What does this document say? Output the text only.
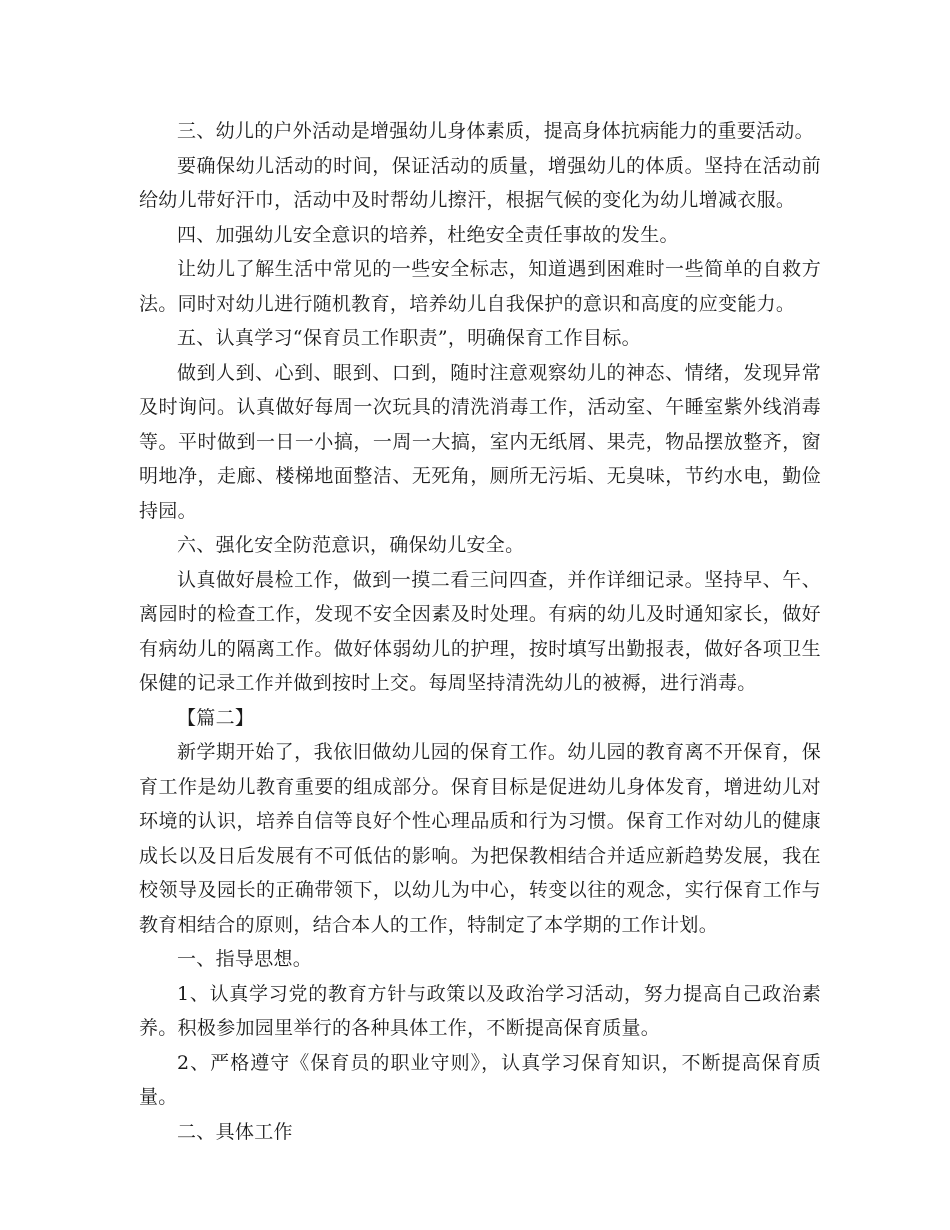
三、幼儿的户外活动是增强幼儿身体素质，提高身体抗病能力的重要活动。

要确保幼儿活动的时间，保证活动的质量，增强幼儿的体质。坚持在活动前给幼儿带好汗巾，活动中及时帮幼儿擦汗，根据气候的变化为幼儿增减衣服。

四、加强幼儿安全意识的培养，杜绝安全责任事故的发生。

让幼儿了解生活中常见的一些安全标志，知道遇到困难时一些简单的自救方法。同时对幼儿进行随机教育，培养幼儿自我保护的意识和高度的应变能力。

五、认真学习“保育员工作职责”，明确保育工作目标。

做到人到、心到、眼到、口到，随时注意观察幼儿的神态、情绪，发现异常及时询问。认真做好每周一次玩具的清洗消毒工作，活动室、午睡室紫外线消毒等。平时做到一日一小搞，一周一大搞，室内无纸屑、果壳，物品摆放整齐，窗明地净，走廊、楼梯地面整洁、无死角，厕所无污垢、无臭味，节约水电，勤俭持园。

六、强化安全防范意识，确保幼儿安全。

认真做好晨检工作，做到一摸二看三问四查，并作详细记录。坚持早、午、离园时的检查工作，发现不安全因素及时处理。有病的幼儿及时通知家长，做好有病幼儿的隔离工作。做好体弱幼儿的护理，按时填写出勤报表，做好各项卫生保健的记录工作并做到按时上交。每周坚持清洗幼儿的被褥，进行消毒。

【篇二】

新学期开始了，我依旧做幼儿园的保育工作。幼儿园的教育离不开保育，保育工作是幼儿教育重要的组成部分。保育目标是促进幼儿身体发育，增进幼儿对环境的认识，培养自信等良好个性心理品质和行为习惯。保育工作对幼儿的健康成长以及日后发展有不可低估的影响。为把保教相结合并适应新趋势发展，我在校领导及园长的正确带领下，以幼儿为中心，转变以往的观念，实行保育工作与教育相结合的原则，结合本人的工作，特制定了本学期的工作计划。

一、指导思想。

1、认真学习党的教育方针与政策以及政治学习活动，努力提高自己政治素养。积极参加园里举行的各种具体工作，不断提高保育质量。

2、严格遵守《保育员的职业守则》，认真学习保育知识，不断提高保育质量。

二、具体工作
